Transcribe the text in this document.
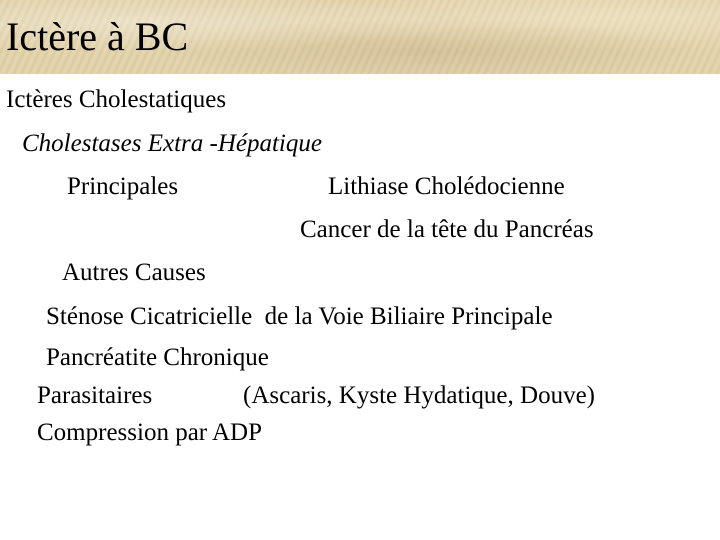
Ictère à BC
Ictères Cholestatiques
Cholestases Extra -Hépatique
Principales	Lithiase Cholédocienne
Cancer de la tête du Pancréas
Autres Causes
Sténose Cicatricielle  de la Voie Biliaire Principale
Pancréatite Chronique
Parasitaires	(Ascaris, Kyste Hydatique, Douve)
Compression par ADP
